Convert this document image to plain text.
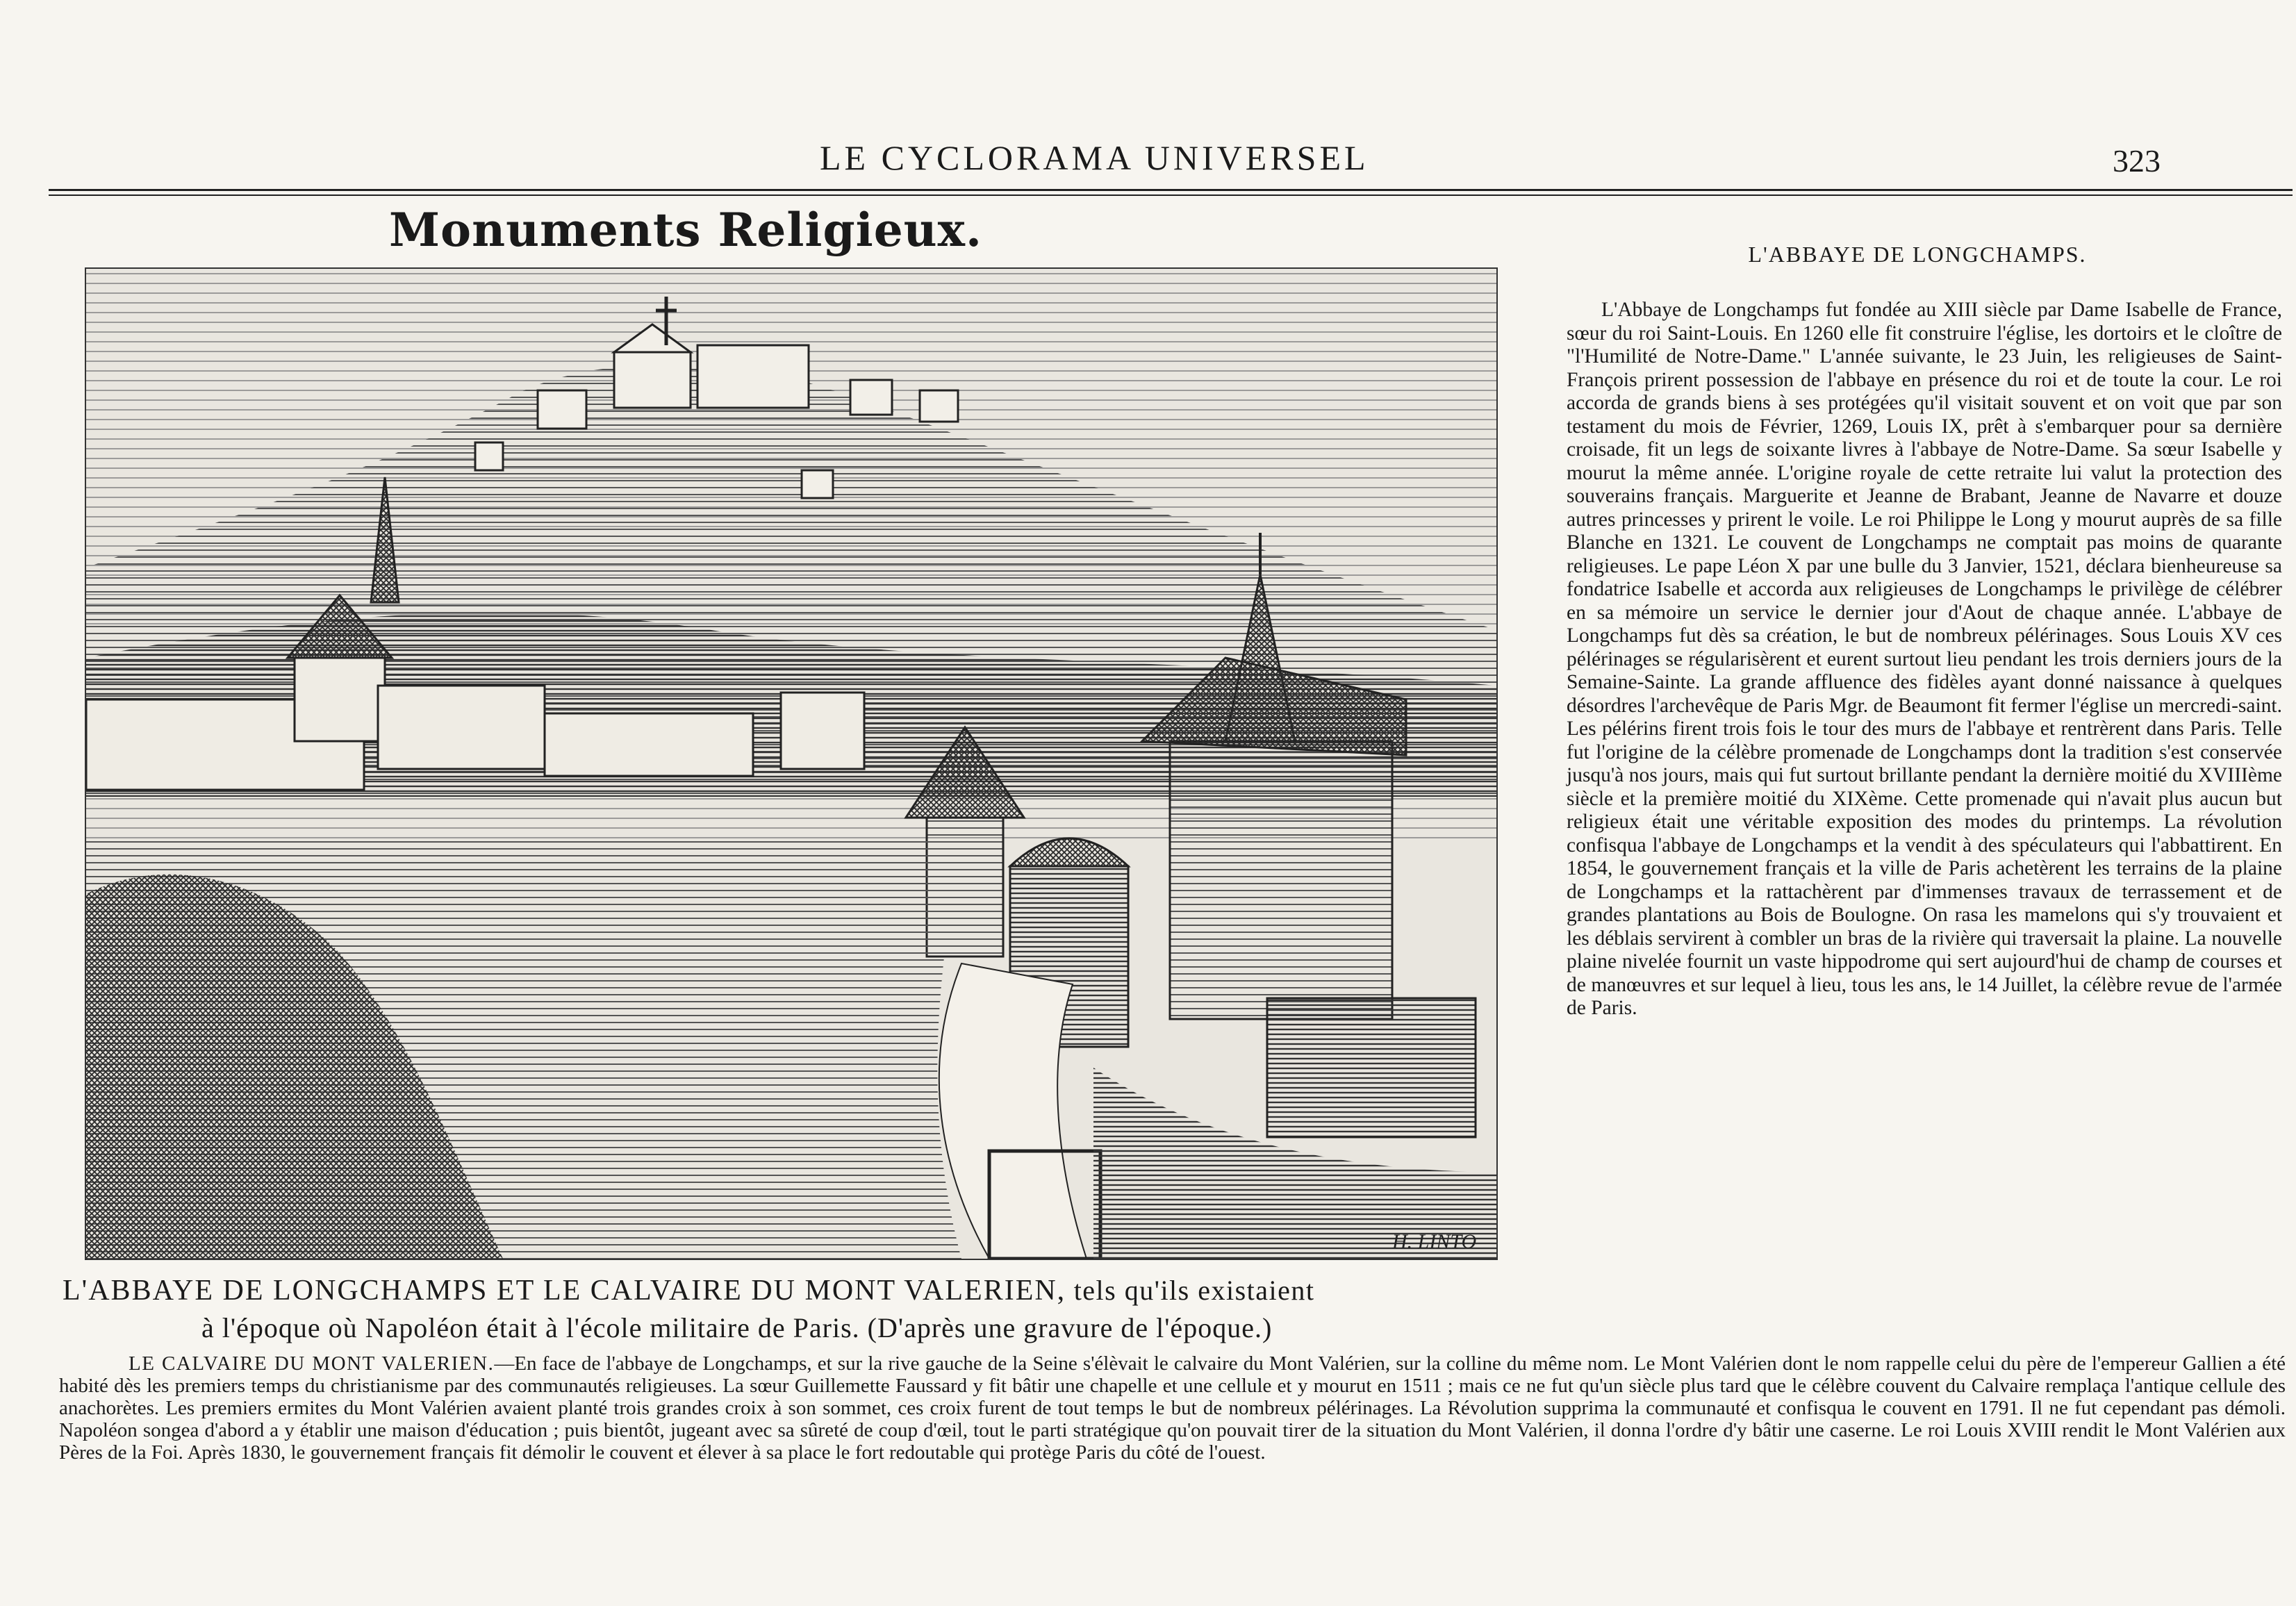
LE CYCLORAMA UNIVERSEL	323
Monuments Religieux.
H. LINTO
L'ABBAYE DE LONGCHAMPS ET LE CALVAIRE DU MONT VALERIEN, tels qu'ils existaient
à l'époque où Napoléon était à l'école militaire de Paris. (D'après une gravure de l'époque.)
L'ABBAYE DE LONGCHAMPS.

L'Abbaye de Longchamps fut fondée au XIII siècle par Dame Isabelle de France, sœur du roi Saint-Louis. En 1260 elle fit construire l'église, les dortoirs et le cloître de "l'Humilité de Notre-Dame." L'année suivante, le 23 Juin, les religieuses de Saint-François prirent possession de l'abbaye en présence du roi et de toute la cour. Le roi accorda de grands biens à ses protégées qu'il visitait souvent et on voit que par son testament du mois de Février, 1269, Louis IX, prêt à s'embarquer pour sa dernière croisade, fit un legs de soixante livres à l'abbaye de Notre-Dame. Sa sœur Isabelle y mourut la même année. L'origine royale de cette retraite lui valut la protection des souverains français. Marguerite et Jeanne de Brabant, Jeanne de Navarre et douze autres princesses y prirent le voile. Le roi Philippe le Long y mourut auprès de sa fille Blanche en 1321. Le couvent de Longchamps ne comptait pas moins de quarante religieuses. Le pape Léon X par une bulle du 3 Janvier, 1521, déclara bienheureuse sa fondatrice Isabelle et accorda aux religieuses de Longchamps le privilège de célébrer en sa mémoire un service le dernier jour d'Aout de chaque année. L'abbaye de Longchamps fut dès sa création, le but de nombreux pélérinages. Sous Louis XV ces pélérinages se régularisèrent et eurent surtout lieu pendant les trois derniers jours de la Semaine-Sainte. La grande affluence des fidèles ayant donné naissance à quelques désordres l'archevêque de Paris Mgr. de Beaumont fit fermer l'église un mercredi-saint. Les pélérins firent trois fois le tour des murs de l'abbaye et rentrèrent dans Paris. Telle fut l'origine de la célèbre promenade de Longchamps dont la tradition s'est conservée jusqu'à nos jours, mais qui fut surtout brillante pendant la dernière moitié du XVIIIème siècle et la première moitié du XIXème. Cette promenade qui n'avait plus aucun but religieux était une véritable exposition des modes du printemps. La révolution confisqua l'abbaye de Longchamps et la vendit à des spéculateurs qui l'abbattirent. En 1854, le gouvernement français et la ville de Paris achetèrent les terrains de la plaine de Longchamps et la rattachèrent par d'immenses travaux de terrassement et de grandes plantations au Bois de Boulogne. On rasa les mamelons qui s'y trouvaient et les déblais servirent à combler un bras de la rivière qui traversait la plaine. La nouvelle plaine nivelée fournit un vaste hippodrome qui sert aujourd'hui de champ de courses et de manœuvres et sur lequel à lieu, tous les ans, le 14 Juillet, la célèbre revue de l'armée de Paris.

LE CALVAIRE DU MONT VALERIEN.—En face de l'abbaye de Longchamps, et sur la rive gauche de la Seine s'élèvait le calvaire du Mont Valérien, sur la colline du même nom. Le Mont Valérien dont le nom rappelle celui du père de l'empereur Gallien a été habité dès les premiers temps du christianisme par des communautés religieuses. La sœur Guillemette Faussard y fit bâtir une chapelle et une cellule et y mourut en 1511 ; mais ce ne fut qu'un siècle plus tard que le célèbre couvent du Calvaire remplaça l'antique cellule des anachorètes. Les premiers ermites du Mont Valérien avaient planté trois grandes croix à son sommet, ces croix furent de tout temps le but de nombreux pélérinages. La Révolution supprima la communauté et confisqua le couvent en 1791. Il ne fut cependant pas démoli. Napoléon songea d'abord a y établir une maison d'éducation ; puis bientôt, jugeant avec sa sûreté de coup d'œil, tout le parti stratégique qu'on pouvait tirer de la situation du Mont Valérien, il donna l'ordre d'y bâtir une caserne. Le roi Louis XVIII rendit le Mont Valérien aux Pères de la Foi. Après 1830, le gouvernement français fit démolir le couvent et élever à sa place le fort redoutable qui protège Paris du côté de l'ouest.
